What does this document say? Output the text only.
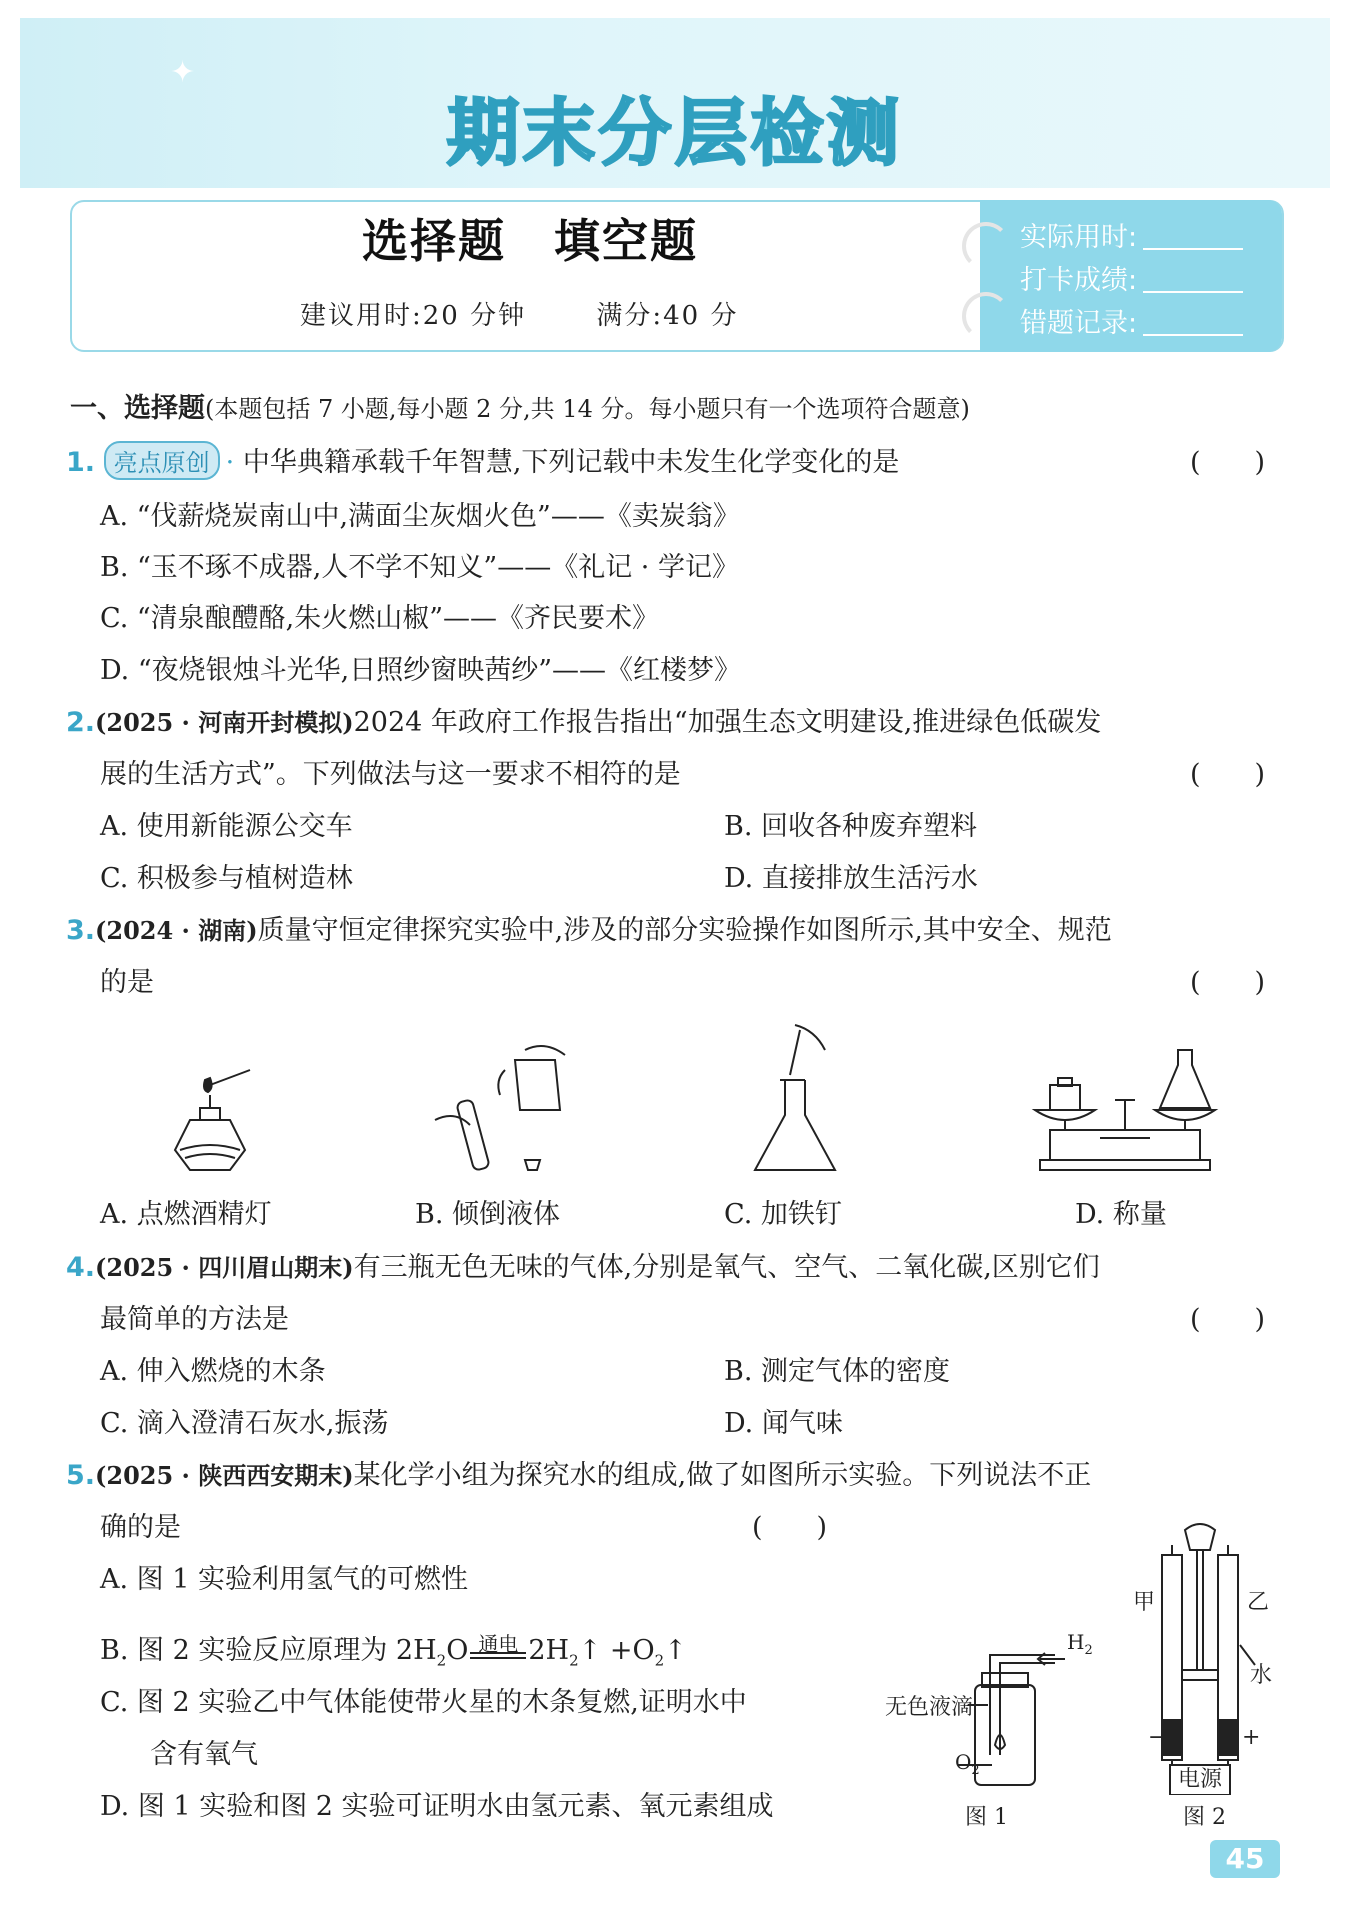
✦
期末分层检测
选择题　填空题
建议用时:20 分钟	满分:40 分
实际用时:
打卡成绩:
错题记录:
一、选择题(本题包括 7 小题,每小题 2 分,共 14 分。每小题只有一个选项符合题意)
1. 亮点原创 · 中华典籍承载千年智慧,下列记载中未发生化学变化的是	(　　)
A. “伐薪烧炭南山中,满面尘灰烟火色”——《卖炭翁》
B. “玉不琢不成器,人不学不知义”——《礼记 · 学记》
C. “清泉酿醴酪,朱火燃山椒”——《齐民要术》
D. “夜烧银烛斗光华,日照纱窗映茜纱”——《红楼梦》
2.(2025 · 河南开封模拟)2024 年政府工作报告指出“加强生态文明建设,推进绿色低碳发
展的生活方式”。下列做法与这一要求不相符的是	(　　)
A. 使用新能源公交车	B. 回收各种废弃塑料
C. 积极参与植树造林	D. 直接排放生活污水
3.(2024 · 湖南)质量守恒定律探究实验中,涉及的部分实验操作如图所示,其中安全、规范
的是	(　　)
A. 点燃酒精灯	B. 倾倒液体	C. 加铁钉	D. 称量
4.(2025 · 四川眉山期末)有三瓶无色无味的气体,分别是氧气、空气、二氧化碳,区别它们
最简单的方法是	(　　)
A. 伸入燃烧的木条	B. 测定气体的密度
C. 滴入澄清石灰水,振荡	D. 闻气味
5.(2025 · 陕西西安期末)某化学小组为探究水的组成,做了如图所示实验。下列说法不正
确的是	(　　)
A. 图 1 实验利用氢气的可燃性
B. 图 2 实验反应原理为 $2H_2O$ 通电 $2H_2↑$ $+O_2↑$
C. 图 2 实验乙中气体能使带火星的木条复燃,证明水中
含有氧气
D. 图 1 实验和图 2 实验可证明水由氢元素、氧元素组成
$H_2$
无色液滴
$O_2$
图 1
甲	乙
水
−	+
电源
图 2
45
